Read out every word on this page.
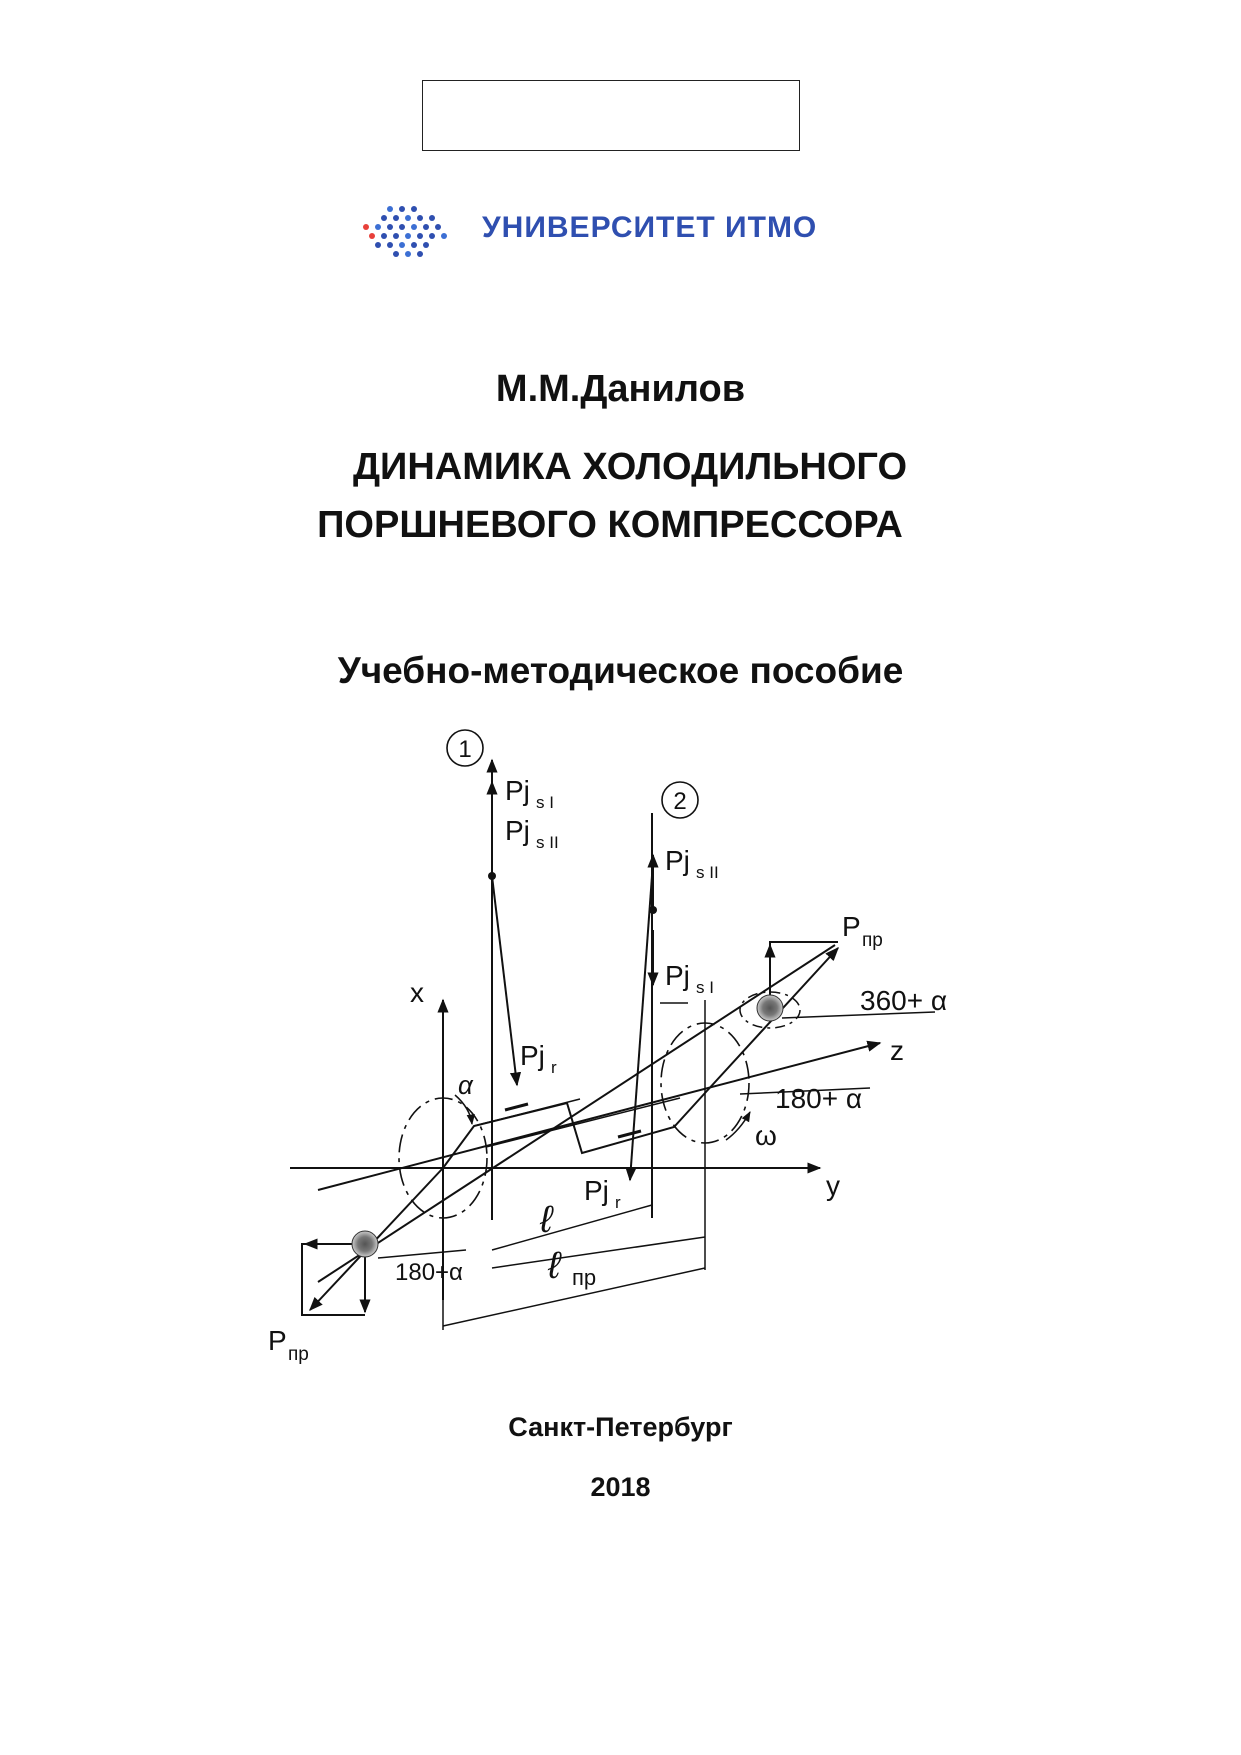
УНИВЕРСИТЕТ ИТМО
М.М.Данилов
ДИНАМИКА ХОЛОДИЛЬНОГО
ПОРШНЕВОГО КОМПРЕССОРА
Учебно-методическое пособие
1
2
Pj s I
Pj s II
Pj s II
Pj s I
Pj r
Pj r
P пр
P пр
360+ α
180+ α
180+α
α
ω
x
y
z
ℓ
ℓ пр
Санкт-Петербург
2018
